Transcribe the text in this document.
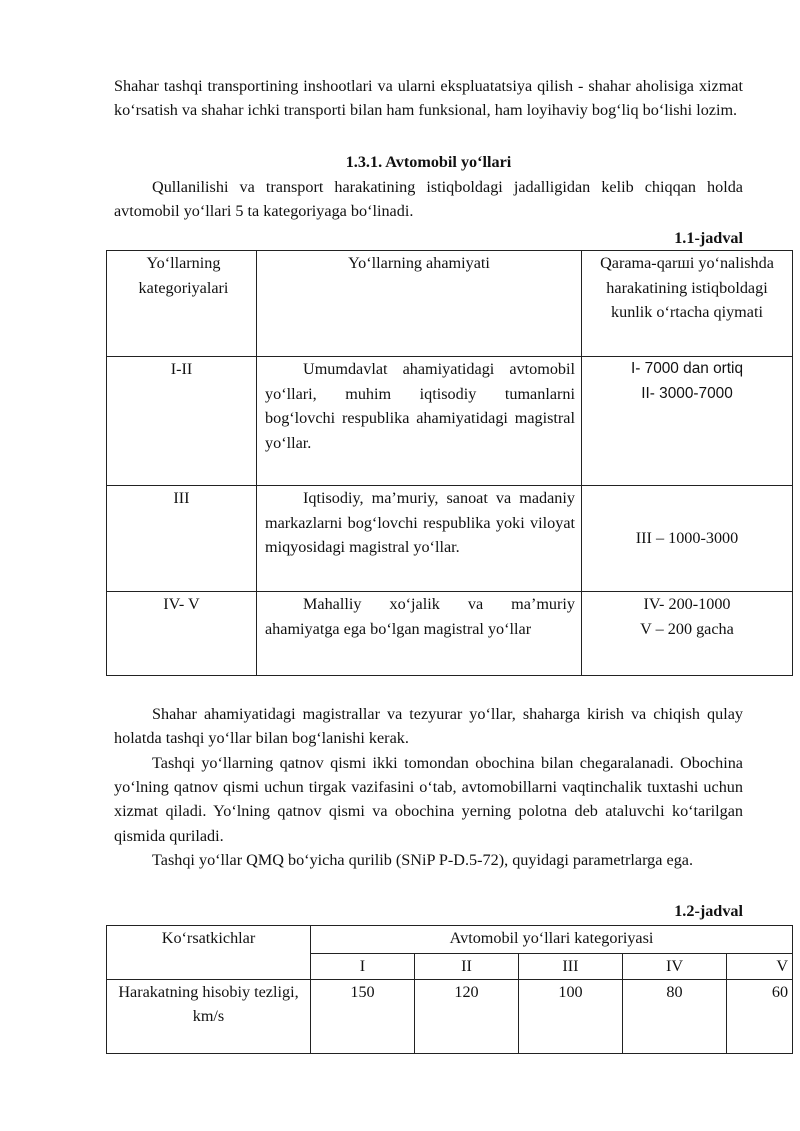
Shahar tashqi transportining inshootlari va ularni ekspluatatsiya qilish - shahar aholisiga xizmat ko‘rsatish va shahar ichki transporti bilan ham funksional, ham loyihaviy bog‘liq bo‘lishi lozim.

1.3.1. Avtomobil yo‘llari

Qullanilishi va transport harakatining istiqboldagi jadalligidan kelib chiqqan holda avtomobil yo‘llari 5 ta kategoriyaga bo‘linadi.

1.1-jadval
Yo‘llarning kategoriyalari	Yo‘llarning ahamiyati	Qarama-qarшi yo‘nalishda harakatining istiqboldagi kunlik o‘rtacha qiymati
I-II	Umumdavlat ahamiyatidagi avtomobil yo‘llari, muhim iqtisodiy tumanlarni bog‘lovchi respublika ahamiyatidagi magistral yo‘llar.	I- 7000 dan ortiq
II- 3000-7000

III	Iqtisodiy, ma’muriy, sanoat va madaniy markazlarni bog‘lovchi respublika yoki viloyat miqyosidagi magistral yo‘llar.	III – 1000-3000

IV- V	Mahalliy xo‘jalik va ma’muriy ahamiyatga ega bo‘lgan magistral yo‘llar	IV- 200-1000
V – 200 gacha

Shahar ahamiyatidagi magistrallar va tezyurar yo‘llar, shaharga kirish va chiqish qulay holatda tashqi yo‘llar bilan bog‘lanishi kerak.

Tashqi yo‘llarning qatnov qismi ikki tomondan obochina bilan chegaralanadi. Obochina yo‘lning qatnov qismi uchun tirgak vazifasini o‘tab, avtomobillarni vaqtinchalik tuxtashi uchun xizmat qiladi. Yo‘lning qatnov qismi va obochina yerning polotna deb ataluvchi ko‘tarilgan qismida quriladi.

Tashqi yo‘llar QMQ bo‘yicha qurilib (SNiP P-D.5-72), quyidagi parametrlarga ega.

1.2-jadval
Ko‘rsatkichlar	Avtomobil yo‘llari kategoriyasi				
	I	II	III	IV	V
Harakatning hisobiy tezligi, km/s	150	120	100	80	60
